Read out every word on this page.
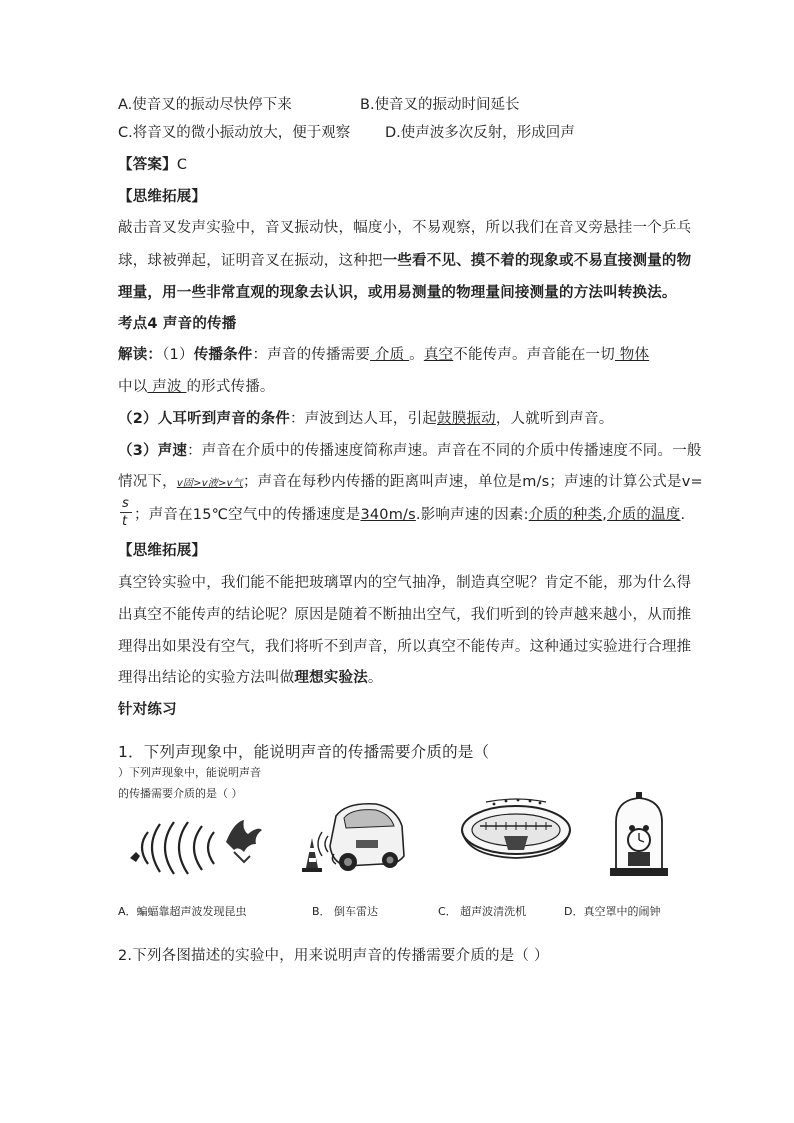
A.使音叉的振动尽快停下来	B.使音叉的振动时间延长
C.将音叉的微小振动放大，便于观察 D.使声波多次反射，形成回声
【答案】C
【思维拓展】
敲击音叉发声实验中，音叉振动快，幅度小，不易观察，所以我们在音叉旁悬挂一个乒乓
球，球被弹起，证明音叉在振动，这种把一些看不见、摸不着的现象或不易直接测量的物
理量，用一些非常直观的现象去认识，或用易测量的物理量间接测量的方法叫转换法。
考点4 声音的传播
解读：（1）传播条件：声音的传播需要 介质 。真空不能传声。声音能在一切 物体
中以 声波 的形式传播。
（2）人耳听到声音的条件：声波到达人耳，引起鼓膜振动，人就听到声音。
（3）声速：声音在介质中的传播速度简称声速。声音在不同的介质中传播速度不同。一般
情况下，v固>v液>v气；声音在每秒内传播的距离叫声速，单位是m/s；声速的计算公式是v=
s
t ；声音在15℃空气中的传播速度是340m/s.影响声速的因素:介质的种类,介质的温度.
【思维拓展】
真空铃实验中，我们能不能把玻璃罩内的空气抽净，制造真空呢？肯定不能，那为什么得
出真空不能传声的结论呢？原因是随着不断抽出空气，我们听到的铃声越来越小，从而推
理得出如果没有空气，我们将听不到声音，所以真空不能传声。这种通过实验进行合理推
理得出结论的实验方法叫做理想实验法。
针对练习
1．下列声现象中，能说明声音的传播需要介质的是（
）下列声现象中，能说明声音
的传播需要介质的是（ ）
A．蝙蝠靠超声波发现昆虫	B． 倒车雷达	C． 超声波清洗机	D．真空罩中的闹钟
2.下列各图描述的实验中，用来说明声音的传播需要介质的是（ ）
